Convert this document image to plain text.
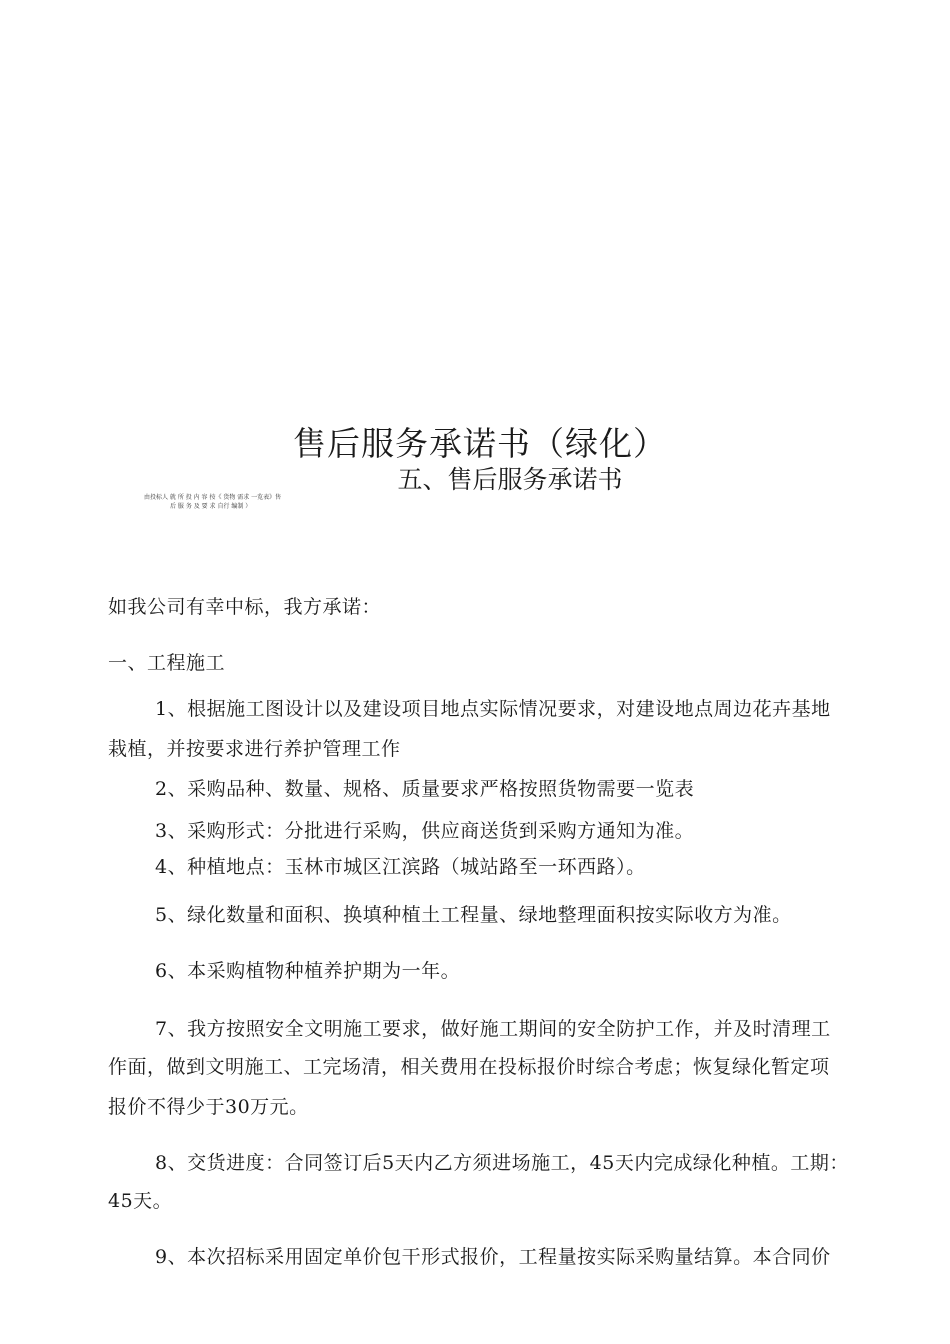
售后服务承诺书（绿化）
五、售后服务承诺书
由投标人 就 所 投 内 容 按《 货物 需求 一览表》售
后 服 务 及 要 求 自行 编制 ）
如我公司有幸中标，我方承诺：
一、工程施工
1、根据施工图设计以及建设项目地点实际情况要求，对建设地点周边花卉基地
栽植，并按要求进行养护管理工作
2、采购品种、数量、规格、质量要求严格按照货物需要一览表
3、采购形式：分批进行采购，供应商送货到采购方通知为准。
4、种植地点：玉林市城区江滨路（城站路至一环西路）。
5、绿化数量和面积、换填种植土工程量、绿地整理面积按实际收方为准。
6、本采购植物种植养护期为一年。
7、我方按照安全文明施工要求，做好施工期间的安全防护工作，并及时清理工
作面，做到文明施工、工完场清，相关费用在投标报价时综合考虑；恢复绿化暂定项
报价不得少于30万元。
8、交货进度：合同签订后5天内乙方须进场施工，45天内完成绿化种植。工期：
45天。
9、本次招标采用固定单价包干形式报价，工程量按实际采购量结算。本合同价
